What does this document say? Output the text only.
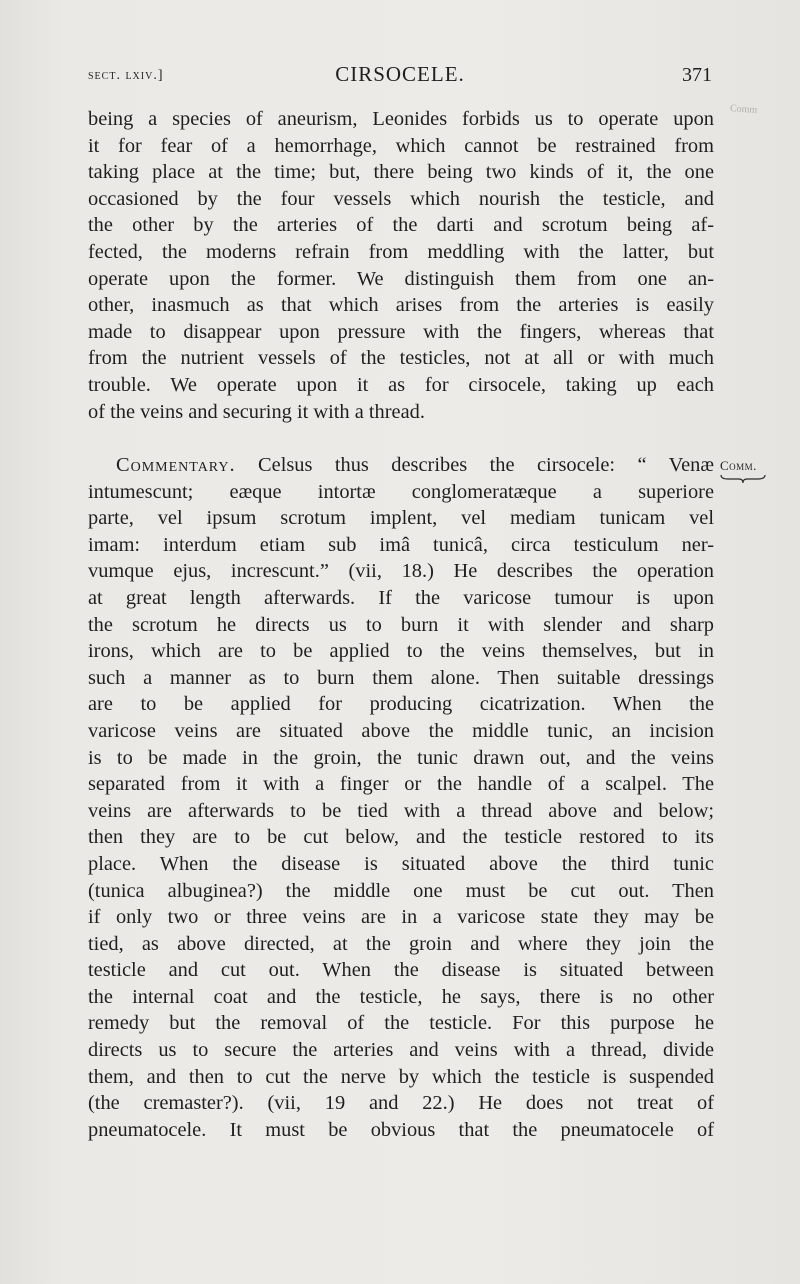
sect. lxiv.]	CIRSOCELE.	371
Comm
being a species of aneurism, Leonides forbids us to operate upon
it for fear of a hemorrhage, which cannot be restrained from
taking place at the time; but, there being two kinds of it, the one
occasioned by the four vessels which nourish the testicle, and
the other by the arteries of the darti and scrotum being af-
fected, the moderns refrain from meddling with the latter, but
operate upon the former. We distinguish them from one an-
other, inasmuch as that which arises from the arteries is easily
made to disappear upon pressure with the fingers, whereas that
from the nutrient vessels of the testicles, not at all or with much
trouble. We operate upon it as for cirsocele, taking up each
of the veins and securing it with a thread.
Comm.
Commentary. Celsus thus describes the cirsocele: “ Venæ
intumescunt; eæque intortæ conglomeratæque a superiore
parte, vel ipsum scrotum implent, vel mediam tunicam vel
imam: interdum etiam sub imâ tunicâ, circa testiculum ner-
vumque ejus, increscunt.” (vii, 18.) He describes the operation
at great length afterwards. If the varicose tumour is upon
the scrotum he directs us to burn it with slender and sharp
irons, which are to be applied to the veins themselves, but in
such a manner as to burn them alone. Then suitable dressings
are to be applied for producing cicatrization. When the
varicose veins are situated above the middle tunic, an incision
is to be made in the groin, the tunic drawn out, and the veins
separated from it with a finger or the handle of a scalpel. The
veins are afterwards to be tied with a thread above and below;
then they are to be cut below, and the testicle restored to its
place. When the disease is situated above the third tunic
(tunica albuginea?) the middle one must be cut out. Then
if only two or three veins are in a varicose state they may be
tied, as above directed, at the groin and where they join the
testicle and cut out. When the disease is situated between
the internal coat and the testicle, he says, there is no other
remedy but the removal of the testicle. For this purpose he
directs us to secure the arteries and veins with a thread, divide
them, and then to cut the nerve by which the testicle is suspended
(the cremaster?). (vii, 19 and 22.) He does not treat of
pneumatocele. It must be obvious that the pneumatocele of
